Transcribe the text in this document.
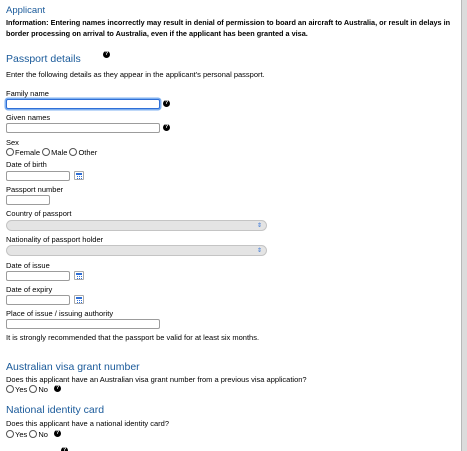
Applicant
Information: Entering names incorrectly may result in denial of permission to board an aircraft to Australia, or result in delays in border processing on arrival to Australia, even if the applicant has been granted a visa.
Passport details	?
Enter the following details as they appear in the applicant's personal passport.
Family name
?
Given names
?
Sex
Female Male Other
Date of birth
Passport number
Country of passport
⇕
Nationality of passport holder
⇕
Date of issue
Date of expiry
Place of issue / issuing authority
It is strongly recommended that the passport be valid for at least six months.
Australian visa grant number
Does this applicant have an Australian visa grant number from a previous visa application?
Yes No	?
National identity card
Does this applicant have a national identity card?
Yes No	?
?
